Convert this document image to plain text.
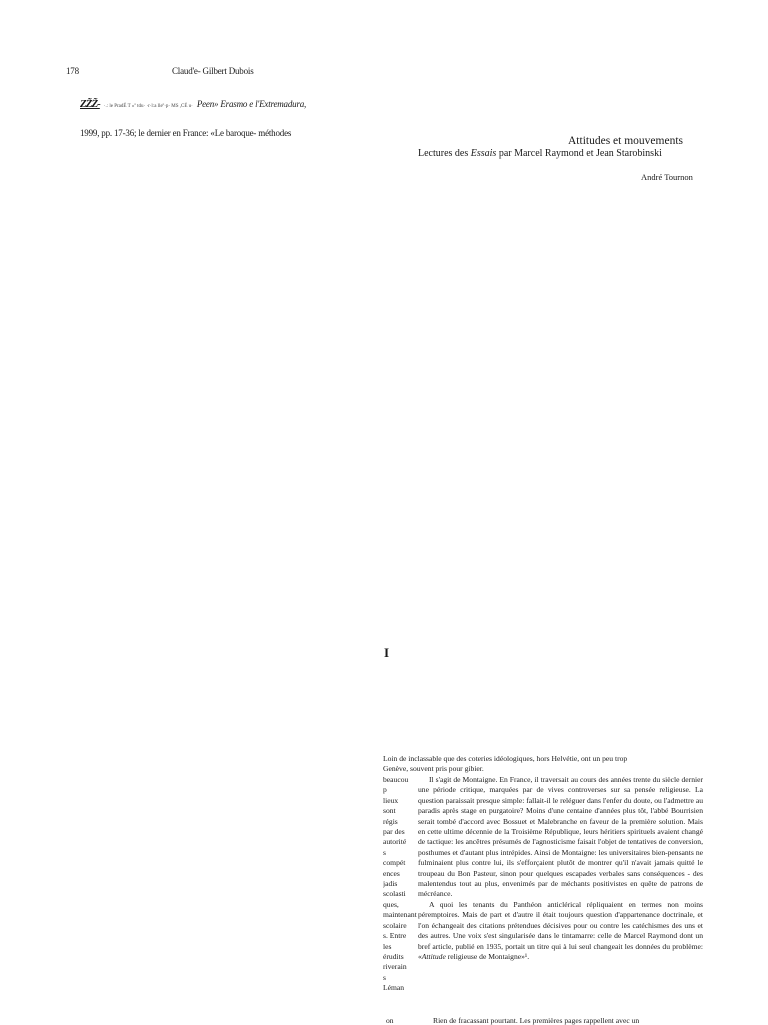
178	Claud'e- Gilbert Dubois
ZZ̃Z̃- ·.: le PradÉ T »º tdu· ·r·l:a lleº·p· MS ,CÉ u· Peen» Erasmo e l'Extremadura,
1999, pp. 17-36; le dernier en France: «Le baroque- méthodes
Attitudes et mouvements
Lectures des Essais par Marcel Raymond et Jean Starobinski
André Tournon
I
Loin de inclassable que des coteries idéologiques, hors Helvétie, ont un peu trop
Genève, souvent pris pour gibier.
beaucou
p
lieux
sont
régis
par des
autorité
s
compét
ences
jadis
scolasti
ques,
maintenant
scolaire
s. Entre
les
érudits
riverain
s
Léman

Il s'agit de Montaigne. En France, il traversait au cours des années trente du siècle dernier une période critique, marquées par de vives controverses sur sa pensée religieuse. La question paraissait presque simple: fallait-il le reléguer dans l'enfer du doute, ou l'admettre au paradis après stage en purgatoire? Moins d'une centaine d'années plus tôt, l'abbé Bourrisien serait tombé d'accord avec Bossuet et Malebranche en faveur de la première solution. Mais en cette ultime décennie de la Troisième République, leurs héritiers spirituels avaient changé de tactique: les ancêtres présumés de l'agnosticisme faisait l'objet de tentatives de conversion, posthumes et d'autant plus intrépides. Ainsi de Montaigne: les universitaires bien-pensants ne fulminaient plus contre lui, ils s'efforçaient plutôt de montrer qu'il n'avait jamais quitté le troupeau du Bon Pasteur, sinon pour quelques escapades verbales sans conséquences - des malentendus tout au plus, envenimés par de méchants positivistes en quête de patrons de mécréance.

A quoi les tenants du Panthéon anticlérical répliquaient en termes non moins péremptoires. Mais de part et d'autre il était toujours question d'appartenance doctrinale, et l'on échangeait des citations prétendues décisives pour ou contre les catéchismes des uns et des autres. Une voix s'est singularisée dans le tintamarre: celle de Marcel Raymond dont un bref article, publié en 1935, portait un titre qui à lui seul changeait les données du problème: «Attitude religieuse de Montaigne»¹.

on	Rien de fracassant pourtant. Les premières pages rappellent avec un
